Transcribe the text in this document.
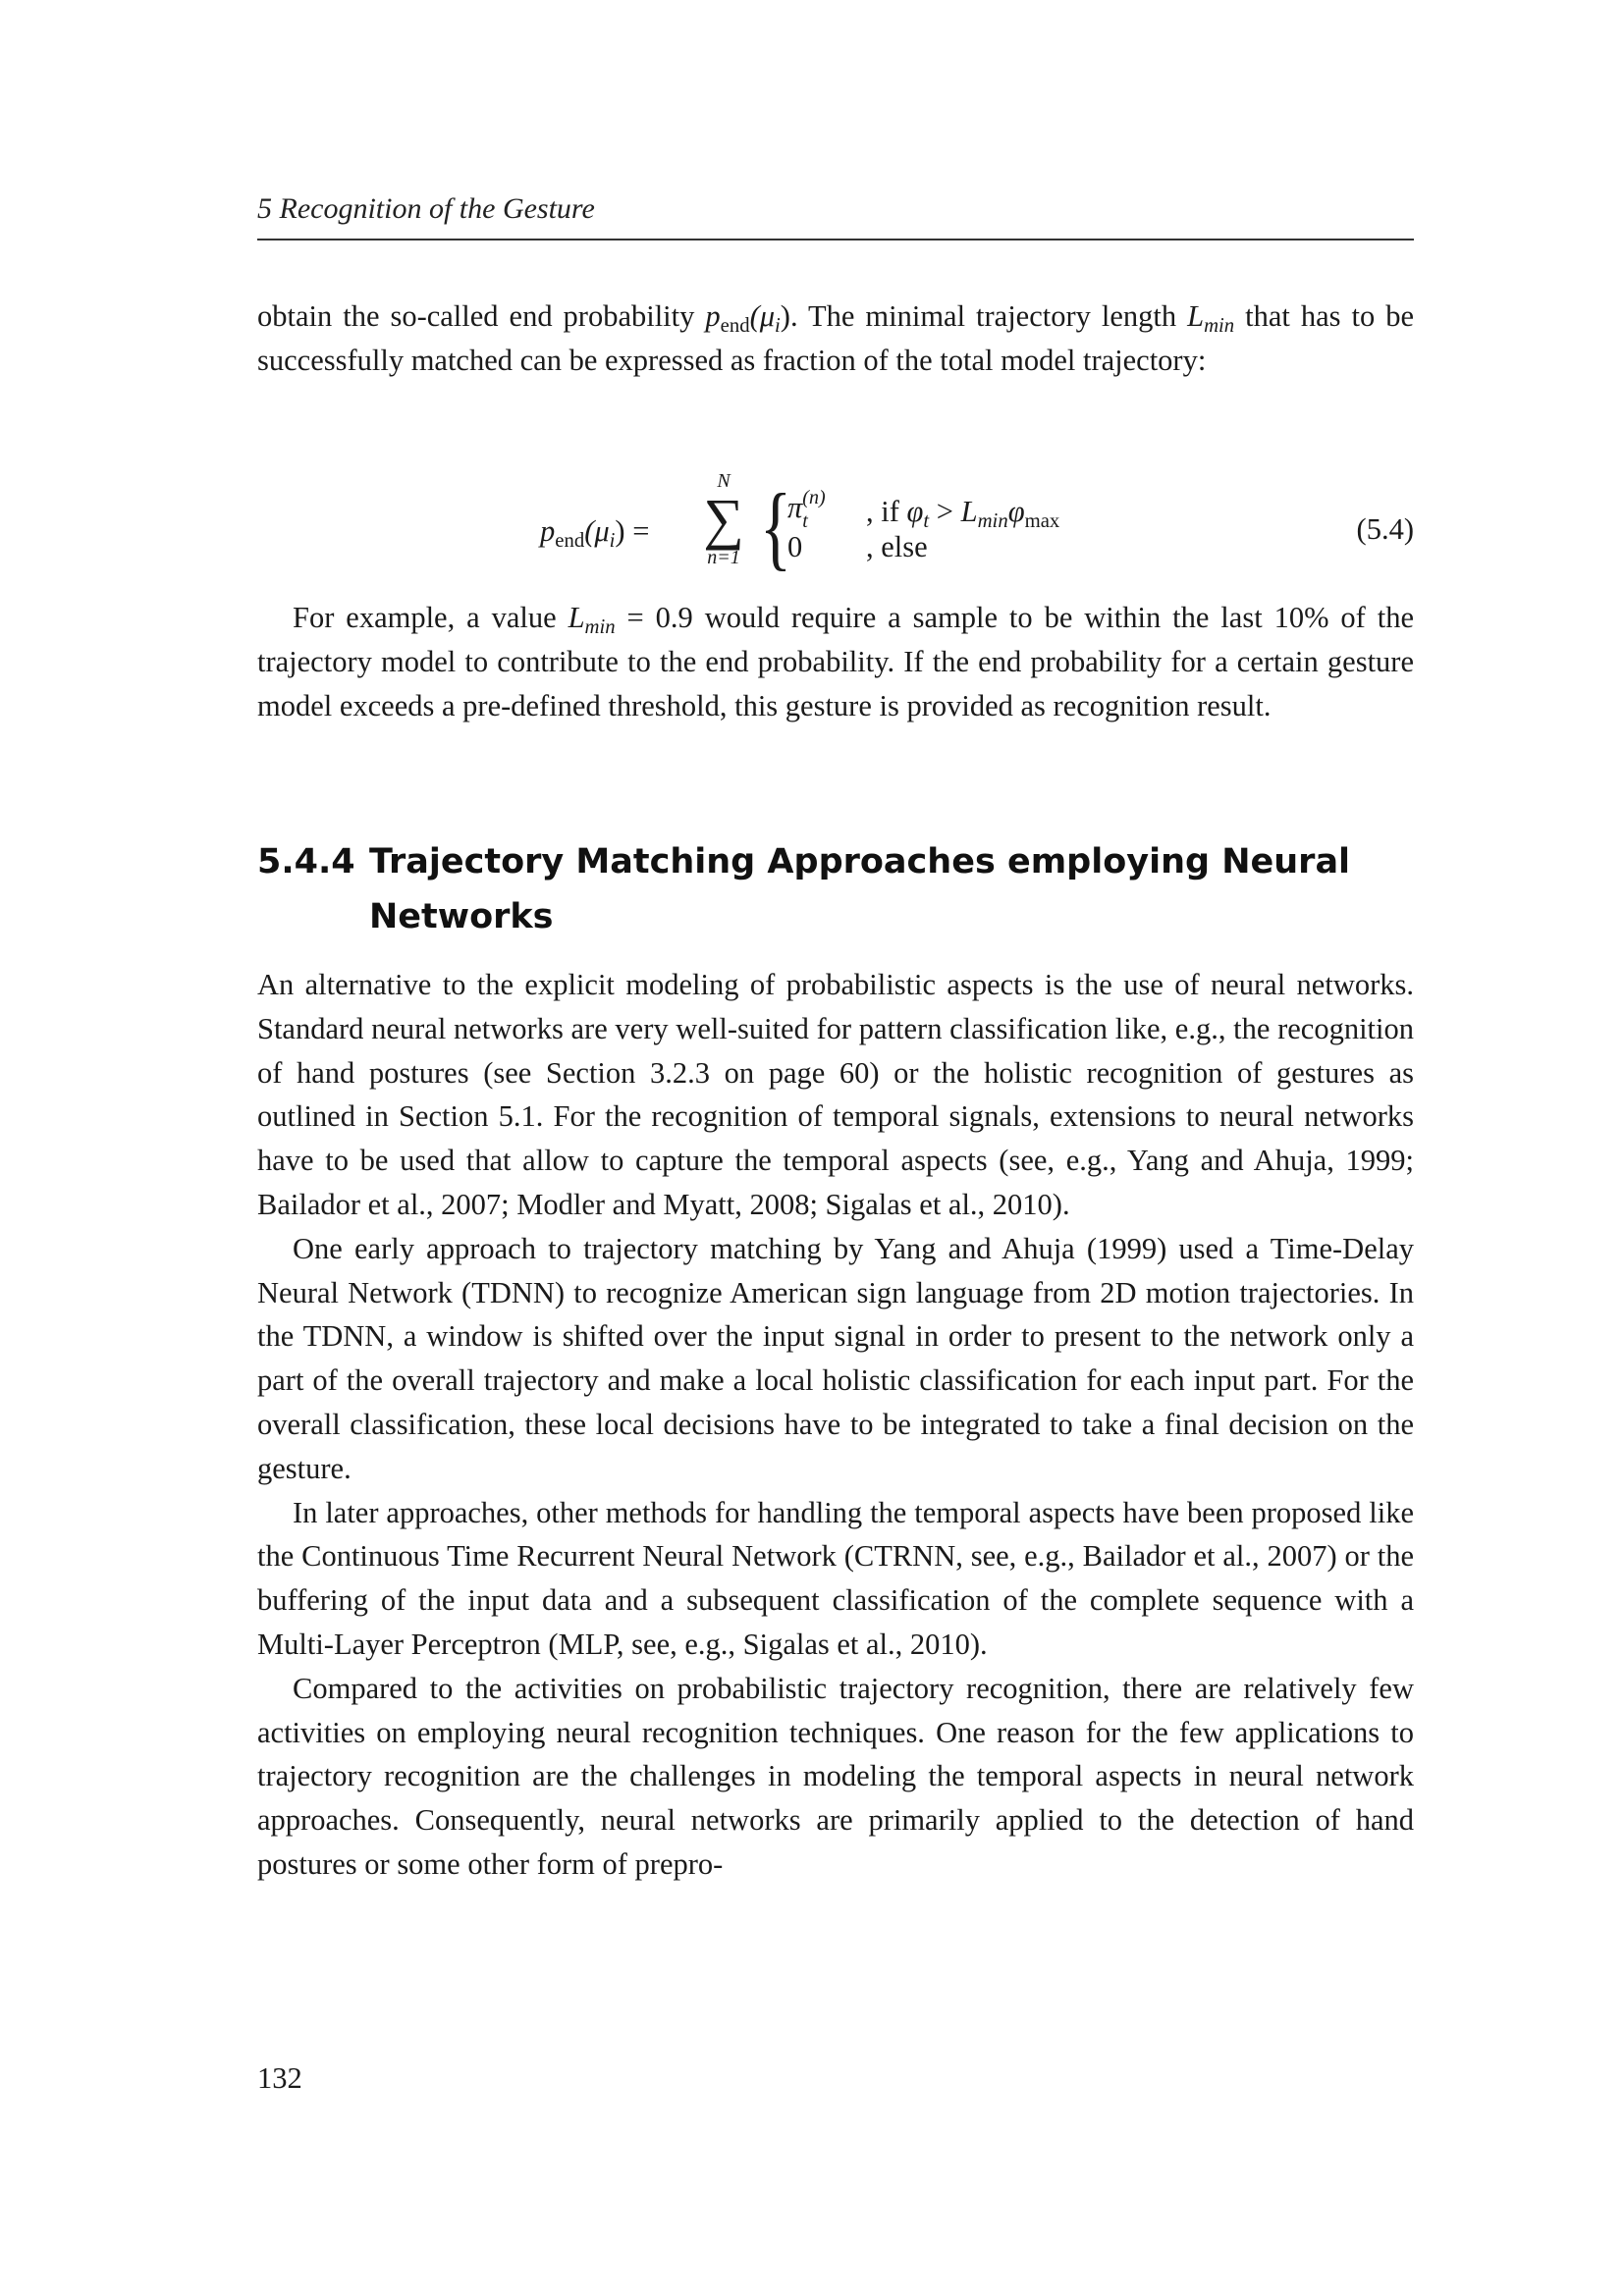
5 Recognition of the Gesture

obtain the so-called end probability $p_{end}(\mu_i)$. The minimal trajectory length $L_{min}$ that has to be successfully matched can be expressed as fraction of the total model trajectory:

$p_{end}(\mu_i)$ =
N
∑
n=1 {
π (n)
t , if $\varphi_t > L_{min}\varphi_{max}$
0 , else
(5.4)

For example, a value $L_{min} = 0.9$ would require a sample to be within the last 10% of the trajectory model to contribute to the end probability. If the end probability for a certain gesture model exceeds a pre-defined threshold, this gesture is provided as recognition result.

5.4.4 Trajectory Matching Approaches employing Neural Networks

An alternative to the explicit modeling of probabilistic aspects is the use of neural networks. Standard neural networks are very well-suited for pattern classification like, e.g., the recognition of hand postures (see Section 3.2.3 on page 60) or the holistic recognition of gestures as outlined in Section 5.1. For the recognition of temporal signals, extensions to neural networks have to be used that allow to capture the temporal aspects (see, e.g., Yang and Ahuja, 1999; Bailador et al., 2007; Modler and Myatt, 2008; Sigalas et al., 2010).

One early approach to trajectory matching by Yang and Ahuja (1999) used a Time-Delay Neural Network (TDNN) to recognize American sign language from 2D motion trajectories. In the TDNN, a window is shifted over the input signal in order to present to the network only a part of the overall trajectory and make a local holistic classification for each input part. For the overall classification, these local decisions have to be integrated to take a final decision on the gesture.

In later approaches, other methods for handling the temporal aspects have been proposed like the Continuous Time Recurrent Neural Network (CTRNN, see, e.g., Bailador et al., 2007) or the buffering of the input data and a subsequent classification of the complete sequence with a Multi-Layer Perceptron (MLP, see, e.g., Sigalas et al., 2010).

Compared to the activities on probabilistic trajectory recognition, there are relatively few activities on employing neural recognition techniques. One reason for the few applications to trajectory recognition are the challenges in modeling the temporal aspects in neural network approaches. Consequently, neural networks are primarily applied to the detection of hand postures or some other form of prepro-

132
